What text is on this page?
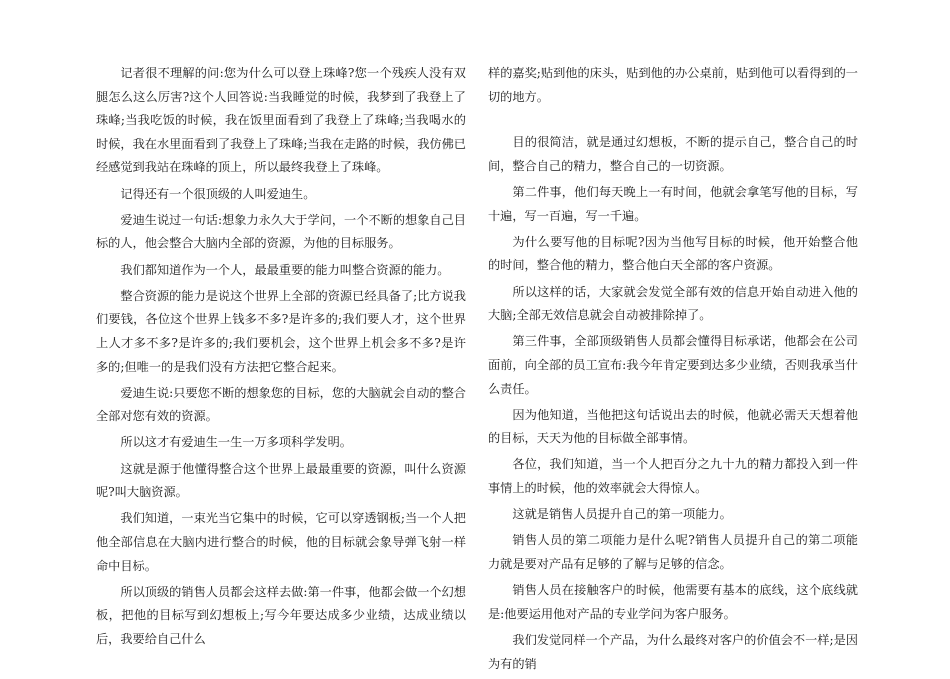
记者很不理解的问:您为什么可以登上珠峰?您一个残疾人没有双腿怎么这么厉害?这个人回答说:当我睡觉的时候，我梦到了我登上了珠峰;当我吃饭的时候，我在饭里面看到了我登上了珠峰;当我喝水的时候，我在水里面看到了我登上了珠峰;当我在走路的时候，我仿佛已经感觉到我站在珠峰的顶上，所以最终我登上了珠峰。

记得还有一个很顶级的人叫爱迪生。

爱迪生说过一句话:想象力永久大于学问，一个不断的想象自己目标的人，他会整合大脑内全部的资源，为他的目标服务。

我们都知道作为一个人，最最重要的能力叫整合资源的能力。

整合资源的能力是说这个世界上全部的资源已经具备了;比方说我们要钱，各位这个世界上钱多不多?是许多的;我们要人才，这个世界上人才多不多?是许多的;我们要机会，这个世界上机会多不多?是许多的;但唯一的是我们没有方法把它整合起来。

爱迪生说:只要您不断的想象您的目标，您的大脑就会自动的整合全部对您有效的资源。

所以这才有爱迪生一生一万多项科学发明。

这就是源于他懂得整合这个世界上最最重要的资源，叫什么资源呢?叫大脑资源。

我们知道，一束光当它集中的时候，它可以穿透钢板;当一个人把他全部信息在大脑内进行整合的时候，他的目标就会象导弹飞射一样命中目标。

所以顶级的销售人员都会这样去做:第一件事，他都会做一个幻想板，把他的目标写到幻想板上;写今年要达成多少业绩，达成业绩以后，我要给自己什么

样的嘉奖;贴到他的床头，贴到他的办公桌前，贴到他可以看得到的一切的地方。

目的很简洁，就是通过幻想板，不断的提示自己，整合自己的时间，整合自己的精力，整合自己的一切资源。

第二件事，他们每天晚上一有时间，他就会拿笔写他的目标，写十遍，写一百遍，写一千遍。

为什么要写他的目标呢?因为当他写目标的时候，他开始整合他的时间，整合他的精力，整合他白天全部的客户资源。

所以这样的话，大家就会发觉全部有效的信息开始自动进入他的大脑;全部无效信息就会自动被排除掉了。

第三件事，全部顶级销售人员都会懂得目标承诺，他都会在公司面前，向全部的员工宣布:我今年肯定要到达多少业绩，否则我承当什么责任。

因为他知道，当他把这句话说出去的时候，他就必需天天想着他的目标，天天为他的目标做全部事情。

各位，我们知道，当一个人把百分之九十九的精力都投入到一件事情上的时候，他的效率就会大得惊人。

这就是销售人员提升自己的第一项能力。

销售人员的第二项能力是什么呢?销售人员提升自己的第二项能力就是要对产品有足够的了解与足够的信念。

销售人员在接触客户的时候，他需要有基本的底线，这个底线就是:他要运用他对产品的专业学问为客户服务。

我们发觉同样一个产品，为什么最终对客户的价值会不一样;是因为有的销
